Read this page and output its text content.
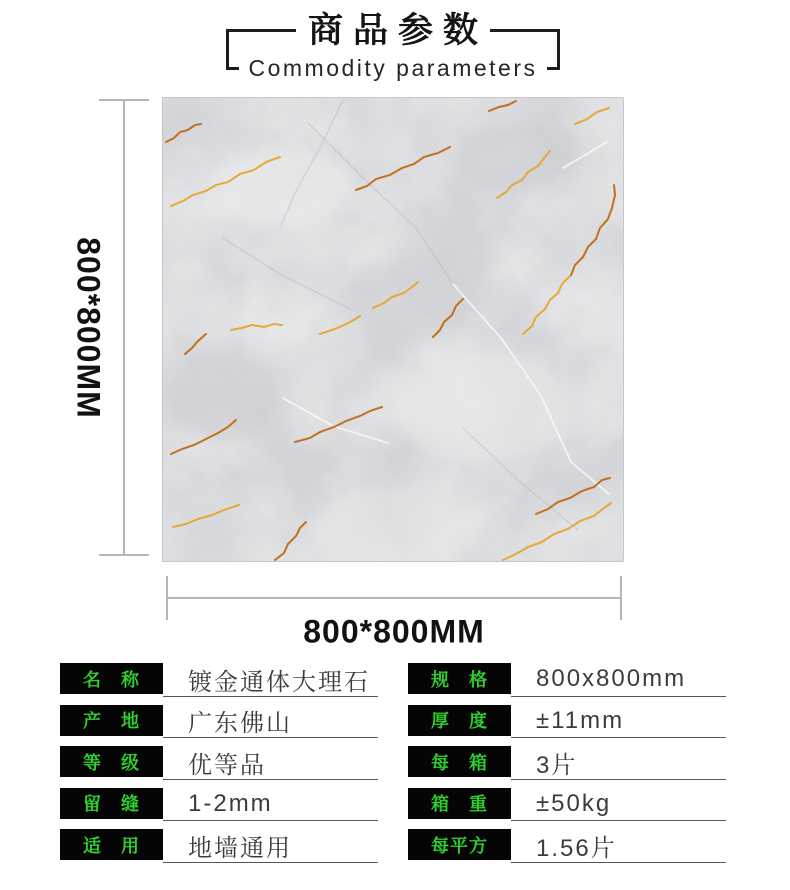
商品参数
Commodity parameters
800*800MM
800*800MM
名　称	镀金通体大理石
产　地	广东佛山
等　级	优等品
留　缝	1-2mm
适　用	地墙通用
规　格	800x800mm
厚　度	±11mm
每　箱	3片
箱　重	±50kg
每平方	1.56片
